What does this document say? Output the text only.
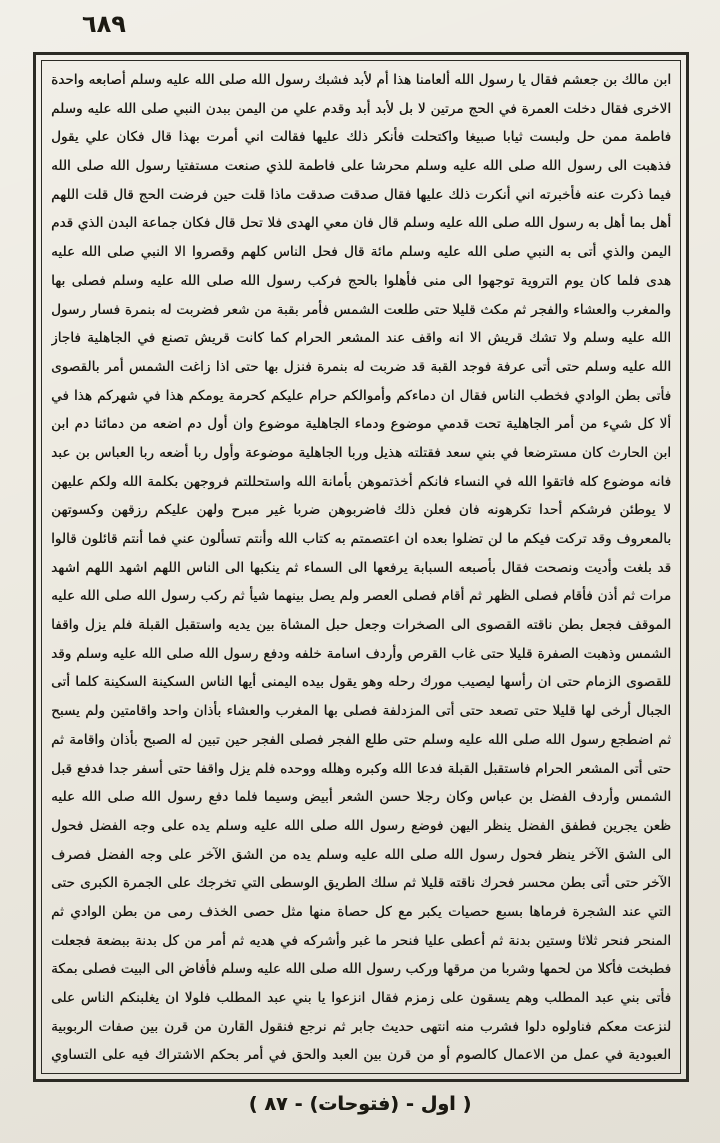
٦٨٩
ابن مالك بن جعشم فقال يا رسول الله ألعامنا هذا أم لأبد فشبك رسول الله صلى الله عليه وسلم أصابعه واحدة
الاخرى فقال دخلت العمرة في الحج مرتين لا بل لأبد أبد وقدم علي من اليمن ببدن النبي صلى الله عليه وسلم
فاطمة ممن حل ولبست ثيابا صبيغا واكتحلت فأنكر ذلك عليها فقالت اني أمرت بهذا قال فكان علي يقول
فذهبت الى رسول الله صلى الله عليه وسلم محرشا على فاطمة للذي صنعت مستفتيا رسول الله صلى الله
فيما ذكرت عنه فأخبرته اني أنكرت ذلك عليها فقال صدقت صدقت ماذا قلت حين فرضت الحج قال قلت اللهم
أهل بما أهل به رسول الله صلى الله عليه وسلم قال فان معي الهدى فلا تحل قال فكان جماعة البدن الذي قدم
اليمن والذي أتى به النبي صلى الله عليه وسلم مائة قال فحل الناس كلهم وقصروا الا النبي صلى الله عليه
هدى فلما كان يوم التروية توجهوا الى منى فأهلوا بالحج فركب رسول الله صلى الله عليه وسلم فصلى بها
والمغرب والعشاء والفجر ثم مكث قليلا حتى طلعت الشمس فأمر بقبة من شعر فضربت له بنمرة فسار رسول
الله عليه وسلم ولا تشك قريش الا انه واقف عند المشعر الحرام كما كانت قريش تصنع في الجاهلية فاجاز
الله عليه وسلم حتى أتى عرفة فوجد القبة قد ضربت له بنمرة فنزل بها حتى اذا زاغت الشمس أمر بالقصوى
فأتى بطن الوادي فخطب الناس فقال ان دماءكم وأموالكم حرام عليكم كحرمة يومكم هذا في شهركم هذا في
ألا كل شيء من أمر الجاهلية تحت قدمي موضوع ودماء الجاهلية موضوع وان أول دم اضعه من دمائنا دم ابن
ابن الحارث كان مسترضعا في بني سعد فقتلته هذيل وربا الجاهلية موضوعة وأول ربا أضعه ربا العباس بن عبد
فانه موضوع كله فاتقوا الله في النساء فانكم أخذتموهن بأمانة الله واستحللتم فروجهن بكلمة الله ولكم عليهن
لا يوطئن فرشكم أحدا تكرهونه فان فعلن ذلك فاضربوهن ضربا غير مبرح ولهن عليكم رزقهن وكسوتهن
بالمعروف وقد تركت فيكم ما لن تضلوا بعده ان اعتصمتم به كتاب الله وأنتم تسألون عني فما أنتم قائلون قالوا
قد بلغت وأديت ونصحت فقال بأصبعه السبابة يرفعها الى السماء ثم ينكبها الى الناس اللهم اشهد اللهم اشهد
مرات ثم أذن فأقام فصلى الظهر ثم أقام فصلى العصر ولم يصل بينهما شيأ ثم ركب رسول الله صلى الله عليه
الموقف فجعل بطن ناقته القصوى الى الصخرات وجعل حبل المشاة بين يديه واستقبل القبلة فلم يزل واقفا
الشمس وذهبت الصفرة قليلا حتى غاب القرص وأردف اسامة خلفه ودفع رسول الله صلى الله عليه وسلم وقد
للقصوى الزمام حتى ان رأسها ليصيب مورك رحله وهو يقول بيده اليمنى أيها الناس السكينة السكينة كلما أتى
الجبال أرخى لها قليلا حتى تصعد حتى أتى المزدلفة فصلى بها المغرب والعشاء بأذان واحد واقامتين ولم يسبح
ثم اضطجع رسول الله صلى الله عليه وسلم حتى طلع الفجر فصلى الفجر حين تبين له الصبح بأذان واقامة ثم
حتى أتى المشعر الحرام فاستقبل القبلة فدعا الله وكبره وهلله ووحده فلم يزل واقفا حتى أسفر جدا فدفع قبل
الشمس وأردف الفضل بن عباس وكان رجلا حسن الشعر أبيض وسيما فلما دفع رسول الله صلى الله عليه
ظعن يجرين فطفق الفضل ينظر اليهن فوضع رسول الله صلى الله عليه وسلم يده على وجه الفضل فحول
الى الشق الآخر ينظر فحول رسول الله صلى الله عليه وسلم يده من الشق الآخر على وجه الفضل فصرف
الآخر حتى أتى بطن محسر فحرك ناقته قليلا ثم سلك الطريق الوسطى التي تخرجك على الجمرة الكبرى حتى
التي عند الشجرة فرماها بسبع حصيات يكبر مع كل حصاة منها مثل حصى الخذف رمى من بطن الوادي ثم
المنحر فنحر ثلاثا وستين بدنة ثم أعطى عليا فنحر ما غبر وأشركه في هديه ثم أمر من كل بدنة ببضعة فجعلت
فطبخت فأكلا من لحمها وشربا من مرقها وركب رسول الله صلى الله عليه وسلم فأفاض الى البيت فصلى بمكة
فأتى بني عبد المطلب وهم يسقون على زمزم فقال انزعوا يا بني عبد المطلب فلولا ان يغلبنكم الناس على
لنزعت معكم فناولوه دلوا فشرب منه انتهى حديث جابر ثم نرجع فنقول القارن من قرن بين صفات الربوبية
العبودية في عمل من الاعمال كالصوم أو من قرن بين العبد والحق في أمر بحكم الاشتراك فيه على التساوي
( ٨٧ - (فتوحات) - اول )
